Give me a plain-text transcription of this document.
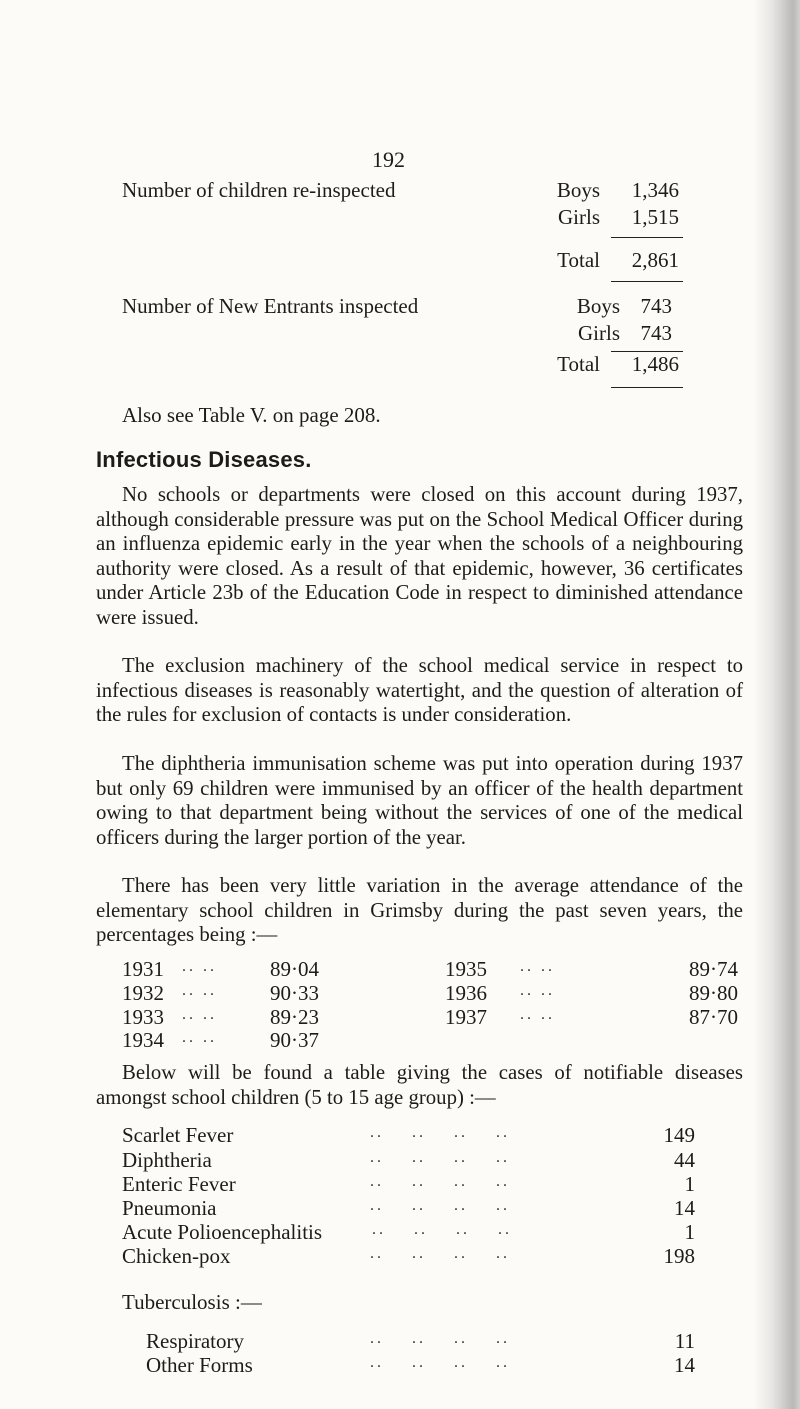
192
Number of children re-inspected	Boys	1,346
Girls	1,515
Total	2,861
Number of New Entrants inspected	Boys 743
Girls 743
Total	1,486
Also see Table V. on page 208.
Infectious Diseases.
No schools or departments were closed on this account during 1937, although considerable pressure was put on the School Medical Officer during an influenza epidemic early in the year when the schools of a neighbouring authority were closed. As a result of that epidemic, however, 36 certificates under Article 23b of the Education Code in respect to diminished attendance were issued.
The exclusion machinery of the school medical service in respect to infectious diseases is reasonably watertight, and the question of alteration of the rules for exclusion of contacts is under consideration.
The diphtheria immunisation scheme was put into operation during 1937 but only 69 children were immunised by an officer of the health department owing to that department being without the services of one of the medical officers during the larger portion of the year.
There has been very little variation in the average attendance of the elementary school children in Grimsby during the past seven years, the percentages being :—
1931 .. ..	89·04
1932 .. ..	90·33
1933 .. ..	89·23
1934 .. ..	90·37
1935 .. ..	89·74
1936 .. ..	89·80
1937 .. ..	87·70
Below will be found a table giving the cases of notifiable diseases amongst school children (5 to 15 age group) :—
Scarlet Fever	..    ..    ..    ..	149
Diphtheria	..    ..    ..    ..	44
Enteric Fever	..    ..    ..    ..	1
Pneumonia	..    ..    ..    ..	14
Acute Polioencephalitis	..    ..    ..    ..	1
Chicken-pox	..    ..    ..    ..	198
Tuberculosis :—
Respiratory	..    ..    ..    ..	11
Other Forms	..    ..    ..    ..	14
